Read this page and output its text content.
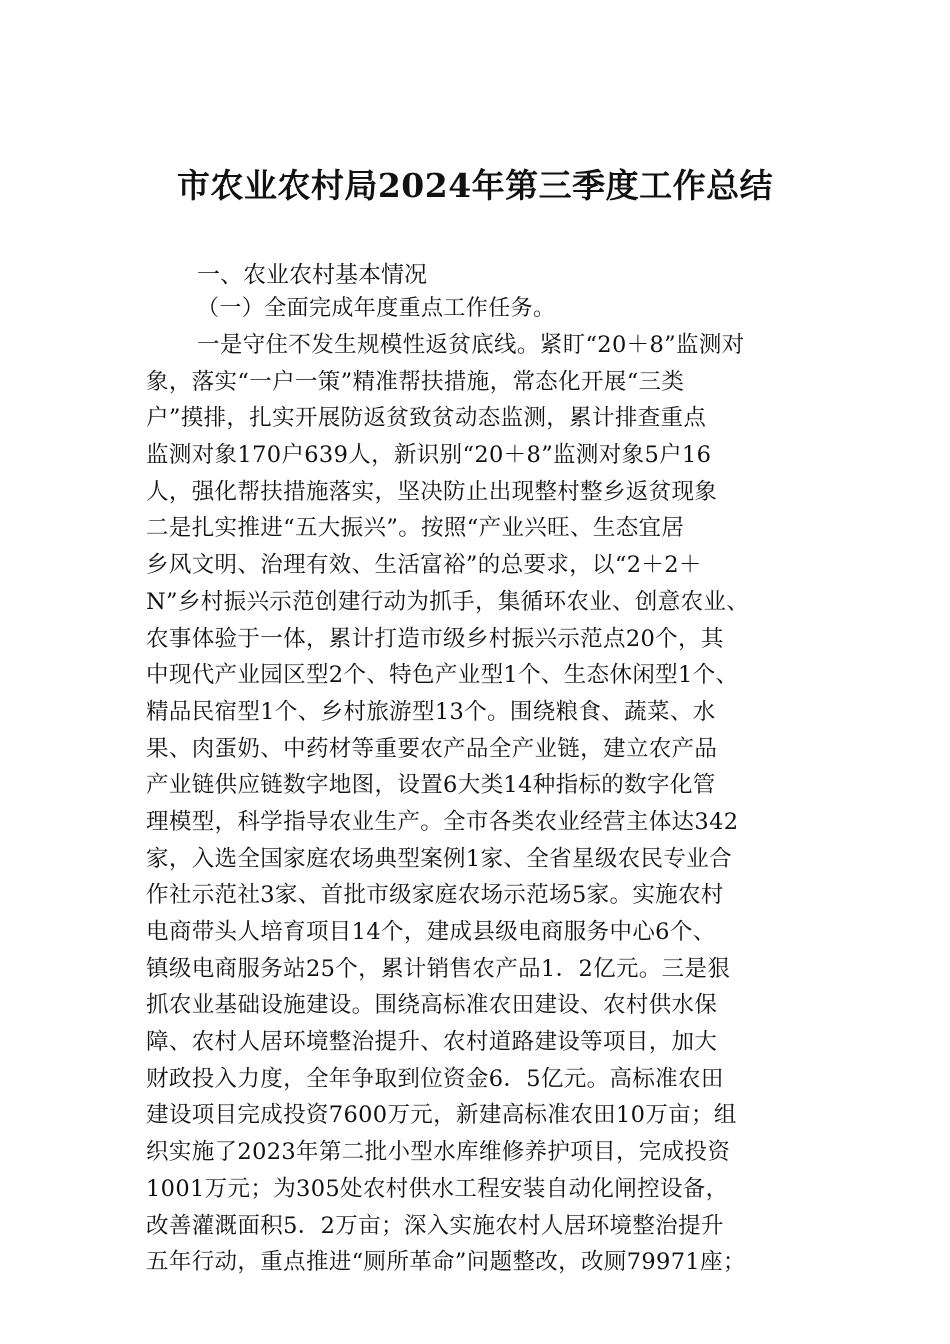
市农业农村局2024年第三季度工作总结
一、农业农村基本情况
（一）全面完成年度重点工作任务。
一是守住不发生规模性返贫底线。紧盯“20＋8”监测对
象，落实“一户一策”精准帮扶措施，常态化开展“三类
户”摸排，扎实开展防返贫致贫动态监测，累计排查重点
监测对象170户639人，新识别“20＋8”监测对象5户16
人，强化帮扶措施落实，坚决防止出现整村整乡返贫现象
二是扎实推进“五大振兴”。按照“产业兴旺、生态宜居
乡风文明、治理有效、生活富裕”的总要求，以“2＋2＋
N”乡村振兴示范创建行动为抓手，集循环农业、创意农业、
农事体验于一体，累计打造市级乡村振兴示范点20个，其
中现代产业园区型2个、特色产业型1个、生态休闲型1个、
精品民宿型1个、乡村旅游型13个。围绕粮食、蔬菜、水
果、肉蛋奶、中药材等重要农产品全产业链，建立农产品
产业链供应链数字地图，设置6大类14种指标的数字化管
理模型，科学指导农业生产。全市各类农业经营主体达342
家，入选全国家庭农场典型案例1家、全省星级农民专业合
作社示范社3家、首批市级家庭农场示范场5家。实施农村
电商带头人培育项目14个，建成县级电商服务中心6个、
镇级电商服务站25个，累计销售农产品1．2亿元。三是狠
抓农业基础设施建设。围绕高标准农田建设、农村供水保
障、农村人居环境整治提升、农村道路建设等项目，加大
财政投入力度，全年争取到位资金6．5亿元。高标准农田
建设项目完成投资7600万元，新建高标准农田10万亩；组
织实施了2023年第二批小型水库维修养护项目，完成投资
1001万元；为305处农村供水工程安装自动化闸控设备，
改善灌溉面积5．2万亩；深入实施农村人居环境整治提升
五年行动，重点推进“厕所革命”问题整改，改厕79971座；
